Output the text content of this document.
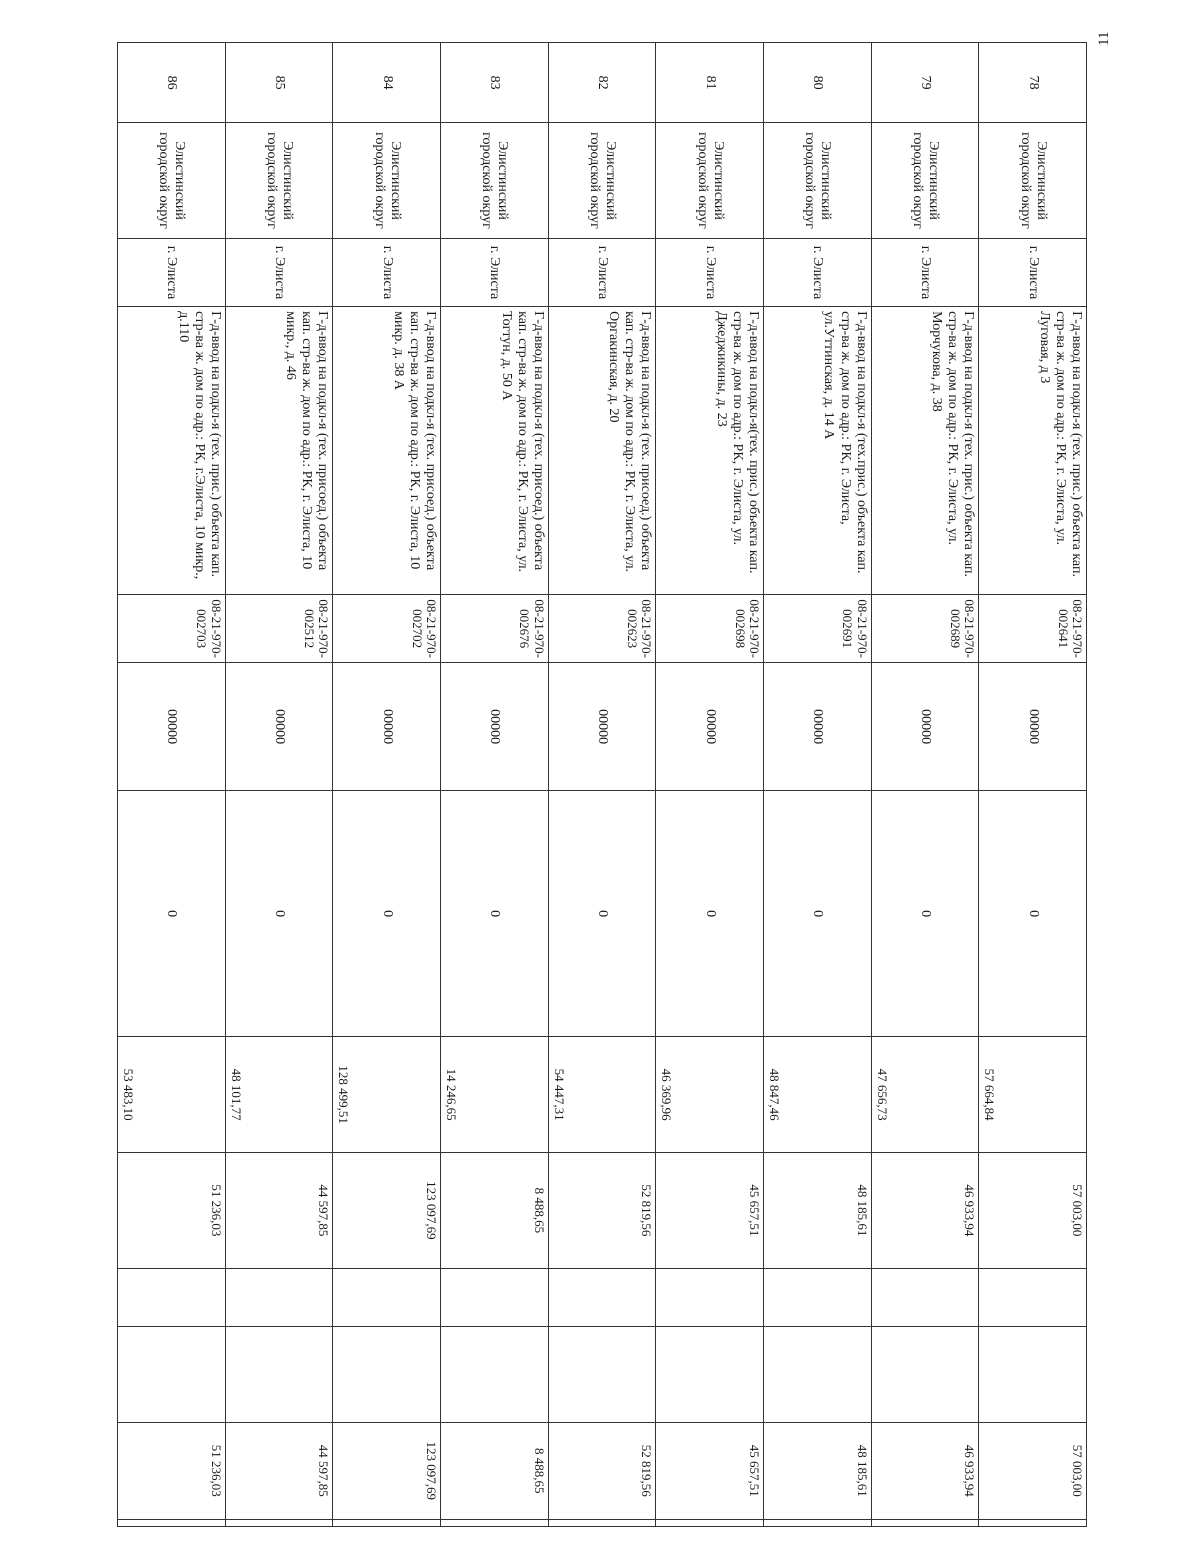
11
78	Элистинский городской округ	г. Элиста	Г-д-ввод на подкл-я (тех. прис.) объекта кап. стр-ва ж. дом по адр.: РК, г. Элиста, ул. Луговая, д 3	08-21-970-002641	00000	0	57 664,84	57 003,00			57 003,00	
79	Элистинский городской округ	г. Элиста	Г-д-ввод на подкл-я (тех. прис.) объекта кап. стр-ва ж. дом по адр.: РК, г. Элиста, ул. Морчукова, д. 38	08-21-970-002689	00000	0	47 656,73	46 933,94			46 933,94	
80	Элистинский городской округ	г. Элиста	Г-д-ввод на подкл-я (тех.прис.) объекта кап. стр-ва ж. дом по адр.: РК, г. Элиста, ул.Уттинская, д. 14 А	08-21-970-002691	00000	0	48 847,46	48 185,61			48 185,61	
81	Элистинский городской округ	г. Элиста	Г-д-ввод на подкл-я(тех. прис.) объекта кап. стр-ва ж. дом по адр.: РК, г. Элиста, ул. Джеджикины, д. 23	08-21-970-002698	00000	0	46 369,96	45 657,51			45 657,51	
82	Элистинский городской округ	г. Элиста	Г-д-ввод на подкл-я (тех. присоед.) объекта кап. стр-ва ж. дом по адр.: РК, г. Элиста, ул. Оргакинская, д. 20	08-21-970-002623	00000	0	54 447,31	52 819,56			52 819,56	
83	Элистинский городской округ	г. Элиста	Г-д-ввод на подкл-я (тех. присоед.) объекта кап. стр-ва ж. дом по адр.: РК, г. Элиста, ул. Тогтун, д. 50 А	08-21-970-002676	00000	0	14 246,65	8 488,65			8 488,65	
84	Элистинский городской округ	г. Элиста	Г-д-ввод на подкл-я (тех. присоед.) объекта кап. стр-ва ж. дом по адр.: РК, г. Элиста, 10 микр. д. 38 А	08-21-970-002702	00000	0	128 499,51	123 097,69			123 097,69	
85	Элистинский городской округ	г. Элиста	Г-д-ввод на подкл-я (тех. присоед.) объекта кап. стр-ва ж. дом по адр.: РК, г. Элиста, 10 микр., д. 46	08-21-970-002512	00000	0	48 101,77	44 597,85			44 597,85	
86	Элистинский городской округ	г. Элиста	Г-д-ввод на подкл-я (тех. прис.) объекта кап. стр-ва ж. дом по адр.: РК, г.Элиста, 10 микр., д.110	08-21-970-002703	00000	0	53 483,10	51 236,03			51 236,03	
